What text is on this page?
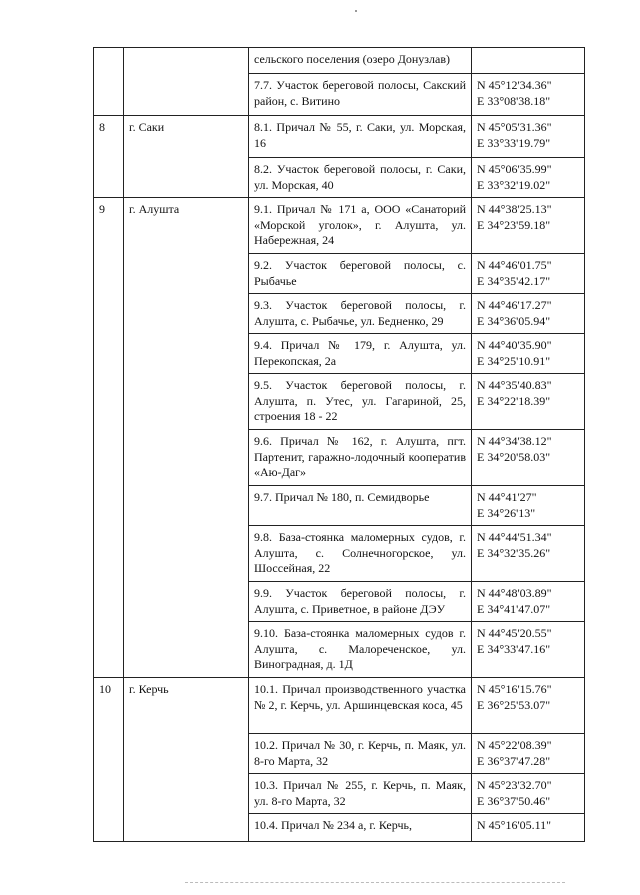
		сельского поселения (озеро Донузлав)	

		7.7. Участок береговой полосы, Сакский район, с. Витино	N 45°12'34.36"
E 33°08'38.18"

8	г. Саки	8.1. Причал № 55, г. Саки, ул. Морская, 16	N 45°05'31.36"
E 33°33'19.79"

		8.2. Участок береговой полосы, г. Саки, ул. Морская, 40	N 45°06'35.99"
E 33°32'19.02"

9	г. Алушта	9.1. Причал № 171 а, ООО «Санаторий «Морской уголок», г. Алушта, ул. Набережная, 24	N 44°38'25.13"
E 34°23'59.18"

		9.2. Участок береговой полосы, с. Рыбачье	N 44°46'01.75"
E 34°35'42.17"

		9.3. Участок береговой полосы, г. Алушта, с. Рыбачье, ул. Бедненко, 29	N 44°46'17.27"
E 34°36'05.94"

		9.4. Причал № 179, г. Алушта, ул. Перекопская, 2а	N 44°40'35.90"
E 34°25'10.91"

		9.5. Участок береговой полосы, г. Алушта, п. Утес, ул. Гагариной, 25, строения 18 - 22	N 44°35'40.83"
E 34°22'18.39"

		9.6. Причал № 162, г. Алушта, пгт. Партенит, гаражно-лодочный кооператив «Аю-Даг»	N 44°34'38.12"
E 34°20'58.03"

		9.7. Причал № 180, п. Семидворье	N 44°41'27"
E 34°26'13"

		9.8. База-стоянка маломерных судов, г. Алушта, с. Солнечногорское, ул. Шоссейная, 22	N 44°44'51.34"
E 34°32'35.26"

		9.9. Участок береговой полосы, г. Алушта, с. Приветное, в районе ДЭУ	N 44°48'03.89"
E 34°41'47.07"

		9.10. База-стоянка маломерных судов г. Алушта, с. Малореченское, ул. Виноградная, д. 1Д	N 44°45'20.55"
E 34°33'47.16"

10	г. Керчь	10.1. Причал производственного участка № 2, г. Керчь, ул. Аршинцевская коса, 45	N 45°16'15.76"
E 36°25'53.07"

		10.2. Причал № 30, г. Керчь, п. Маяк, ул. 8-го Марта, 32	N 45°22'08.39"
E 36°37'47.28"

		10.3. Причал № 255, г. Керчь, п. Маяк, ул. 8-го Марта, 32	N 45°23'32.70"
E 36°37'50.46"

		10.4. Причал № 234 а, г. Керчь,	N 45°16'05.11"
